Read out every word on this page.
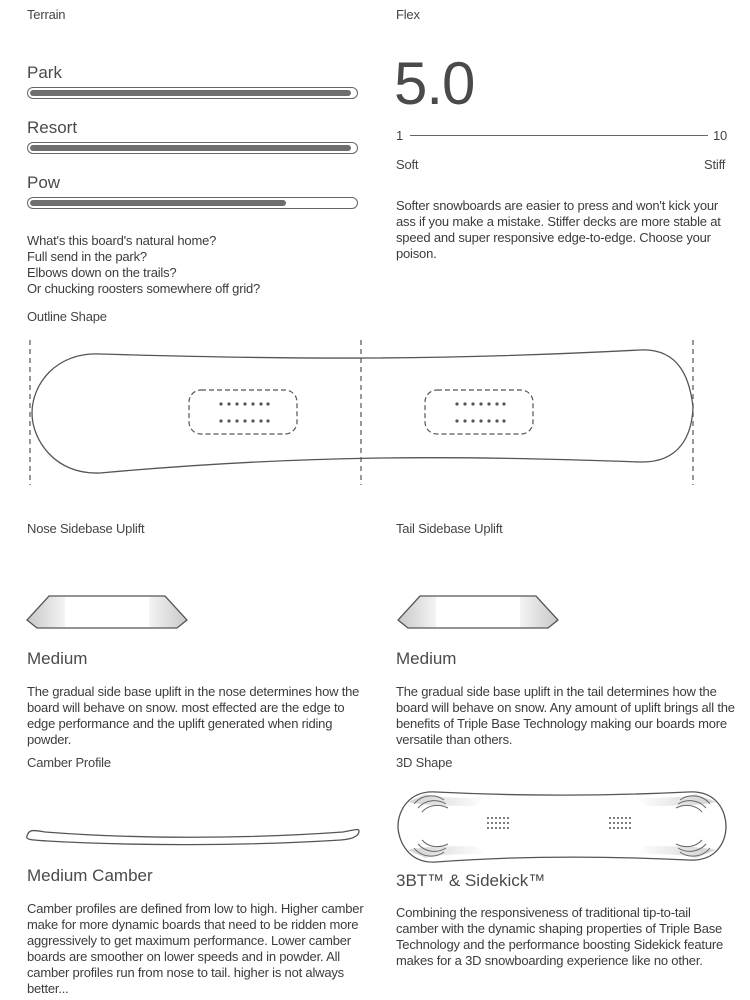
Terrain
Park
Resort
Pow
What's this board's natural home?
Full send in the park?
Elbows down on the trails?
Or chucking roosters somewhere off grid?
Flex
5.0
1	10
Soft	Stiff
Softer snowboards are easier to press and won't kick your
ass if you make a mistake. Stiffer decks are more stable at
speed and super responsive edge-to-edge. Choose your
poison.
Outline Shape
Nose Sidebase Uplift
Medium
The gradual side base uplift in the nose determines how the
board will behave on snow. most effected are the edge to
edge performance and the uplift generated when riding
powder.
Tail Sidebase Uplift
Medium
The gradual side base uplift in the tail determines how the
board will behave on snow. Any amount of uplift brings all the
benefits of Triple Base Technology making our boards more
versatile than others.
Camber Profile
Medium Camber
Camber profiles are defined from low to high. Higher camber
make for more dynamic boards that need to be ridden more
aggressively to get maximum performance. Lower camber
boards are smoother on lower speeds and in powder. All
camber profiles run from nose to tail. higher is not always
better...
3D Shape
3BT™ & Sidekick™
Combining the responsiveness of traditional tip-to-tail
camber with the dynamic shaping properties of Triple Base
Technology and the performance boosting Sidekick feature
makes for a 3D snowboarding experience like no other.
